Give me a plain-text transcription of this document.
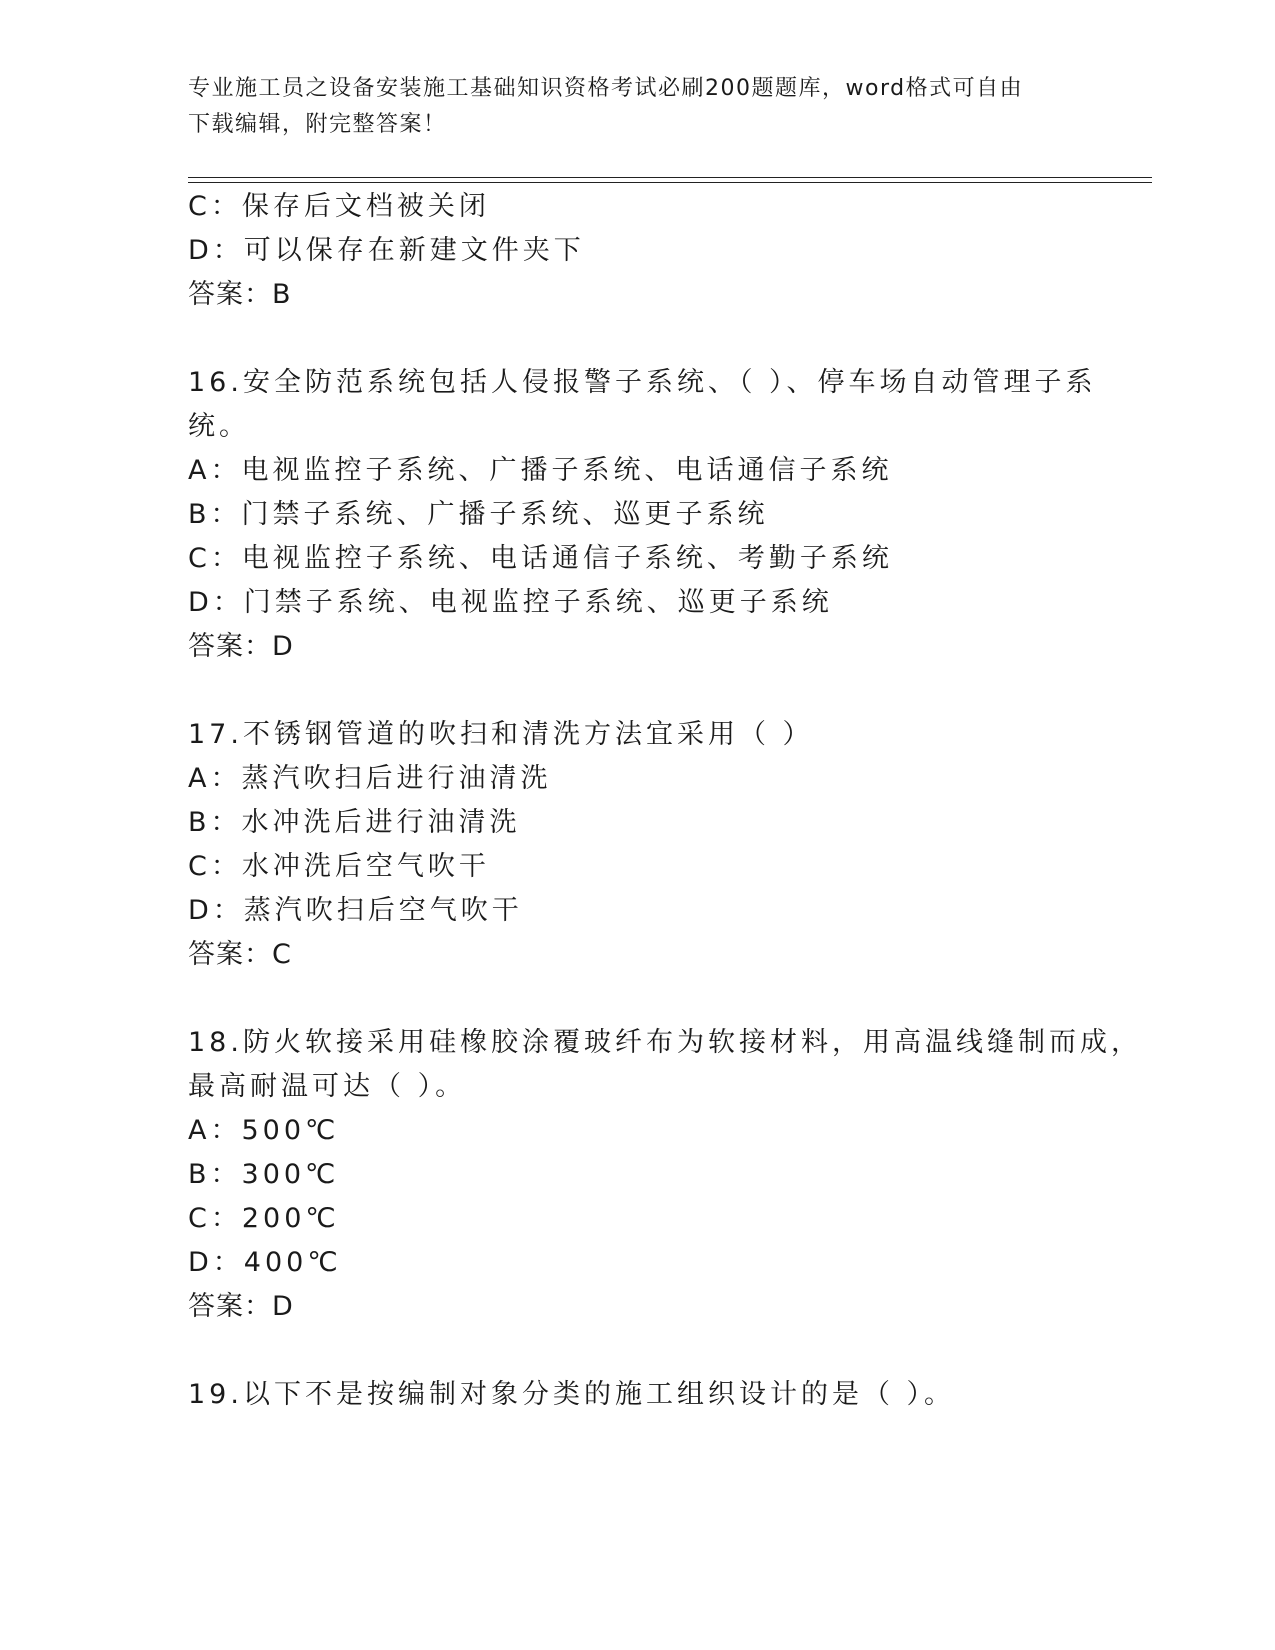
专业施工员之设备安装施工基础知识资格考试必刷200题题库，word格式可自由
下载编辑，附完整答案！
C：保存后文档被关闭
D：可以保存在新建文件夹下
答案：B
16.安全防范系统包括人侵报警子系统、（ ）、停车场自动管理子系
统。
A：电视监控子系统、广播子系统、电话通信子系统
B：门禁子系统、广播子系统、巡更子系统
C：电视监控子系统、电话通信子系统、考勤子系统
D：门禁子系统、电视监控子系统、巡更子系统
答案：D
17.不锈钢管道的吹扫和清洗方法宜采用（ ）
A：蒸汽吹扫后进行油清洗
B：水冲洗后进行油清洗
C：水冲洗后空气吹干
D：蒸汽吹扫后空气吹干
答案：C
18.防火软接采用硅橡胶涂覆玻纤布为软接材料，用高温线缝制而成，
最高耐温可达（ ）。
A：500℃
B：300℃
C：200℃
D：400℃
答案：D
19.以下不是按编制对象分类的施工组织设计的是（ ）。
